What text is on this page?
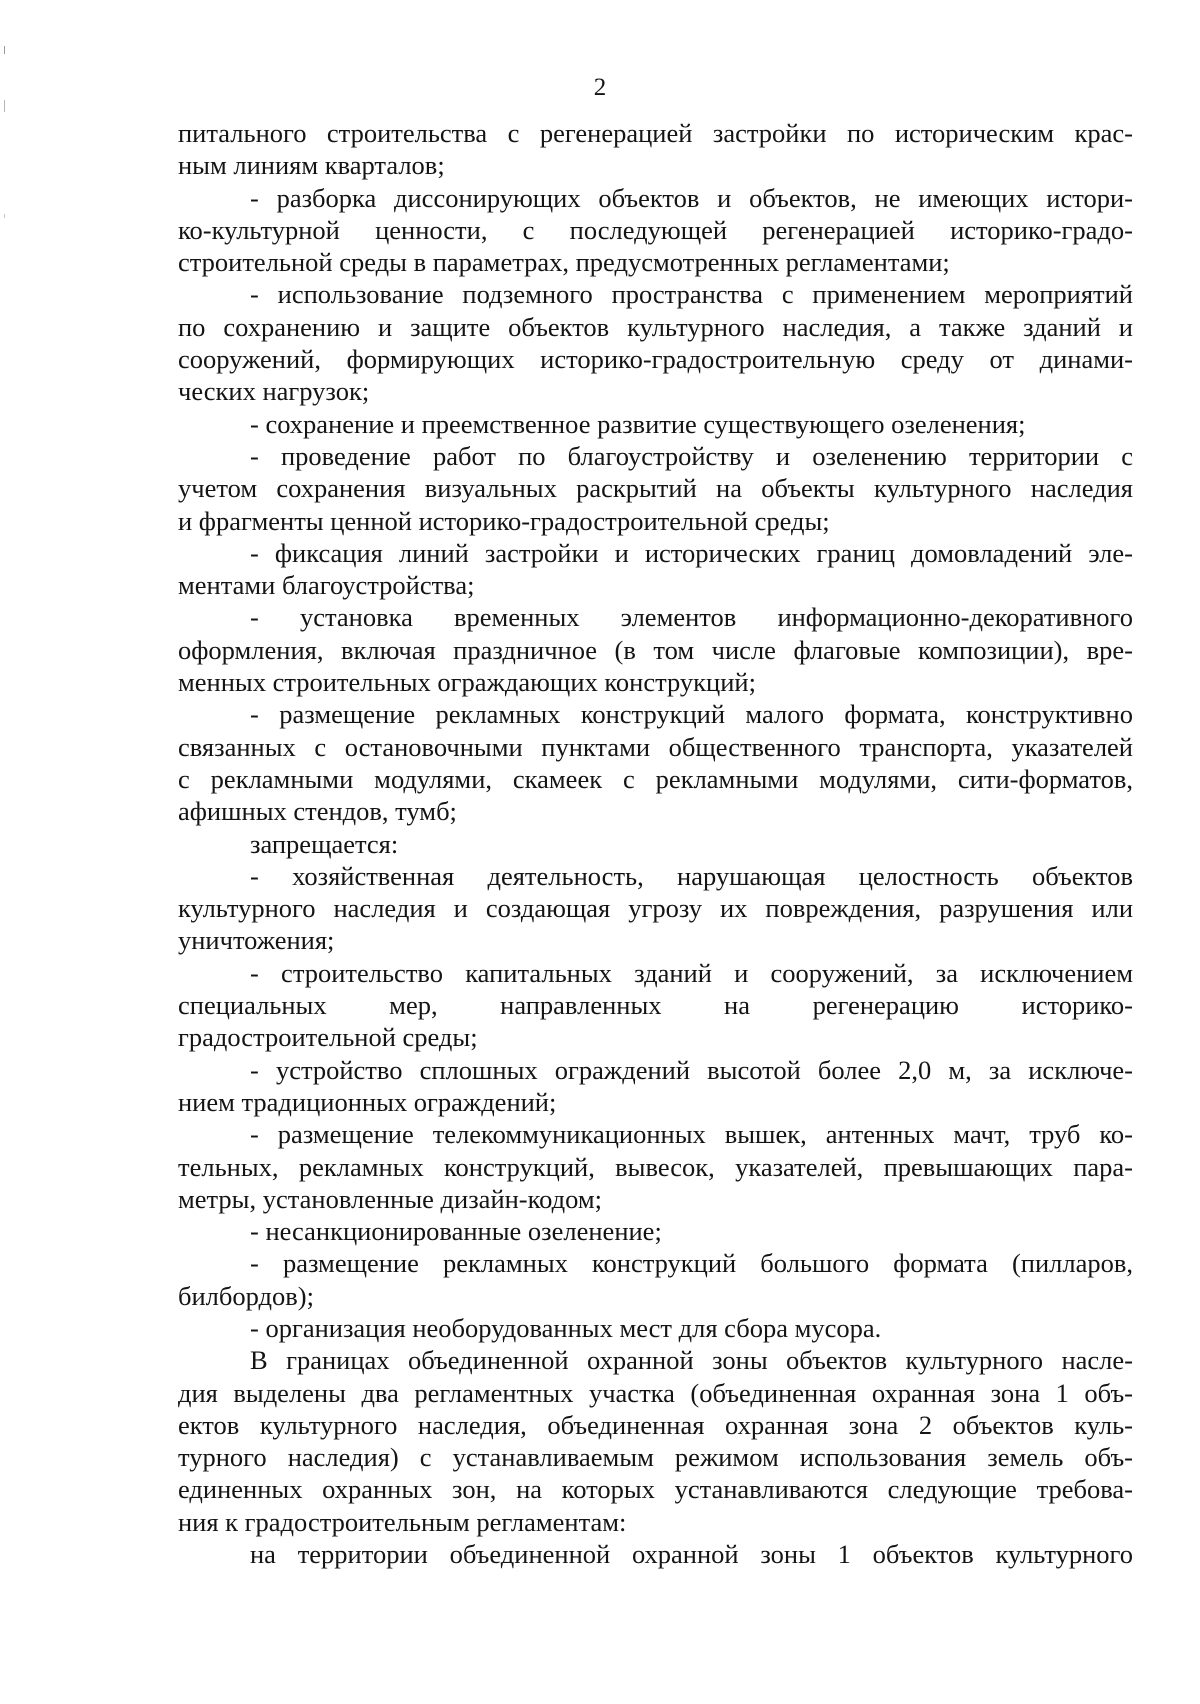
2
питального строительства с регенерацией застройки по историческим крас-
ным линиям кварталов;
- разборка диссонирующих объектов и объектов, не имеющих истори-
ко-культурной ценности, с последующей регенерацией историко-градо-
строительной среды в параметрах, предусмотренных регламентами;
- использование подземного пространства с применением мероприятий
по сохранению и защите объектов культурного наследия, а также зданий и
сооружений, формирующих историко-градостроительную среду от динами-
ческих нагрузок;
- сохранение и преемственное развитие существующего озеленения;
- проведение работ по благоустройству и озеленению территории с
учетом сохранения визуальных раскрытий на объекты культурного наследия
и фрагменты ценной историко-градостроительной среды;
- фиксация линий застройки и исторических границ домовладений эле-
ментами благоустройства;
- установка временных элементов информационно-декоративного
оформления, включая праздничное (в том числе флаговые композиции), вре-
менных строительных ограждающих конструкций;
- размещение рекламных конструкций малого формата, конструктивно
связанных с остановочными пунктами общественного транспорта, указателей
с рекламными модулями, скамеек с рекламными модулями, сити-форматов,
афишных стендов, тумб;
запрещается:
- хозяйственная деятельность, нарушающая целостность объектов
культурного наследия и создающая угрозу их повреждения, разрушения или
уничтожения;
- строительство капитальных зданий и сооружений, за исключением
специальных мер, направленных на регенерацию историко-
градостроительной среды;
- устройство сплошных ограждений высотой более 2,0 м, за исключе-
нием традиционных ограждений;
- размещение телекоммуникационных вышек, антенных мачт, труб ко-
тельных, рекламных конструкций, вывесок, указателей, превышающих пара-
метры, установленные дизайн-кодом;
- несанкционированные озеленение;
- размещение рекламных конструкций большого формата (пилларов,
билбордов);
- организация необорудованных мест для сбора мусора.
В границах объединенной охранной зоны объектов культурного насле-
дия выделены два регламентных участка (объединенная охранная зона 1 объ-
ектов культурного наследия, объединенная охранная зона 2 объектов куль-
турного наследия) с устанавливаемым режимом использования земель объ-
единенных охранных зон, на которых устанавливаются следующие требова-
ния к градостроительным регламентам:
на территории объединенной охранной зоны 1 объектов культурного
